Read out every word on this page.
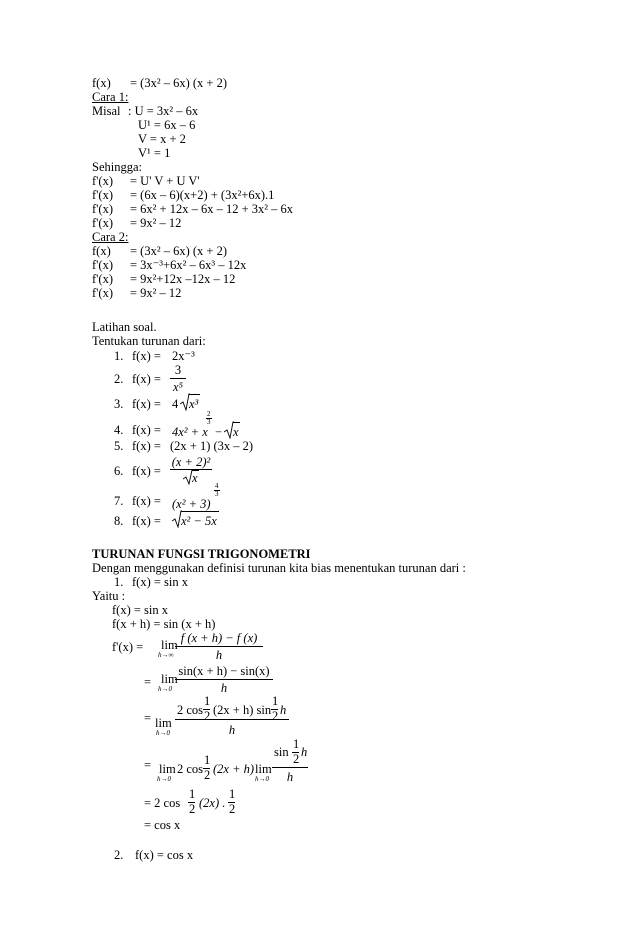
f(x) = (3x² – 6x) (x + 2)
Cara 1:
Misal : U = 3x² – 6x
U¹ = 6x – 6
V = x + 2
V¹ = 1
Sehingga:
f'(x) = U' V + U V'
f'(x) = (6x – 6)(x+2) + (3x²+6x).1
f'(x) = 6x² + 12x – 6x – 12 + 3x² – 6x
f'(x) = 9x² – 12
Cara 2:
f(x) = (3x² – 6x) (x + 2)
f'(x) = 3x⁻³+6x² – 6x³ – 12x
f'(x) = 9x²+12x –12x – 12
f'(x) = 9x² – 12
Latihan soal.
Tentukan turunan dari:
1. f(x) = 2x⁻³
2. f(x) =
3
x⁵
3. f(x) = 4 x³
4. f(x) = 4x² + x
2
3
− x
5. f(x) = (2x + 1) (3x – 2)
6. f(x) =
(x + 2)²
x
7. f(x) = (x² + 3)
4
3
8. f(x) = x² − 5x
TURUNAN FUNGSI TRIGONOMETRI
Dengan menggunakan definisi turunan kita bias menentukan turunan dari :
1. f(x) = sin x
Yaitu :
f(x) = sin x
f(x + h) = sin (x + h)
f'(x) = lim
h→∞
f (x + h) − f (x)
h
= lim
h→0
sin(x + h) − sin(x)
h
= lim
h→0
2 cos
1
2 (2x + h) sin
1
2 h
h
= lim
h→0
2 cos
1
2 (2x + h) lim
h→0
sin
1
2 h
h
= 2 cos
1
2 (2x) .
1
2
= cos x
2. f(x) = cos x
